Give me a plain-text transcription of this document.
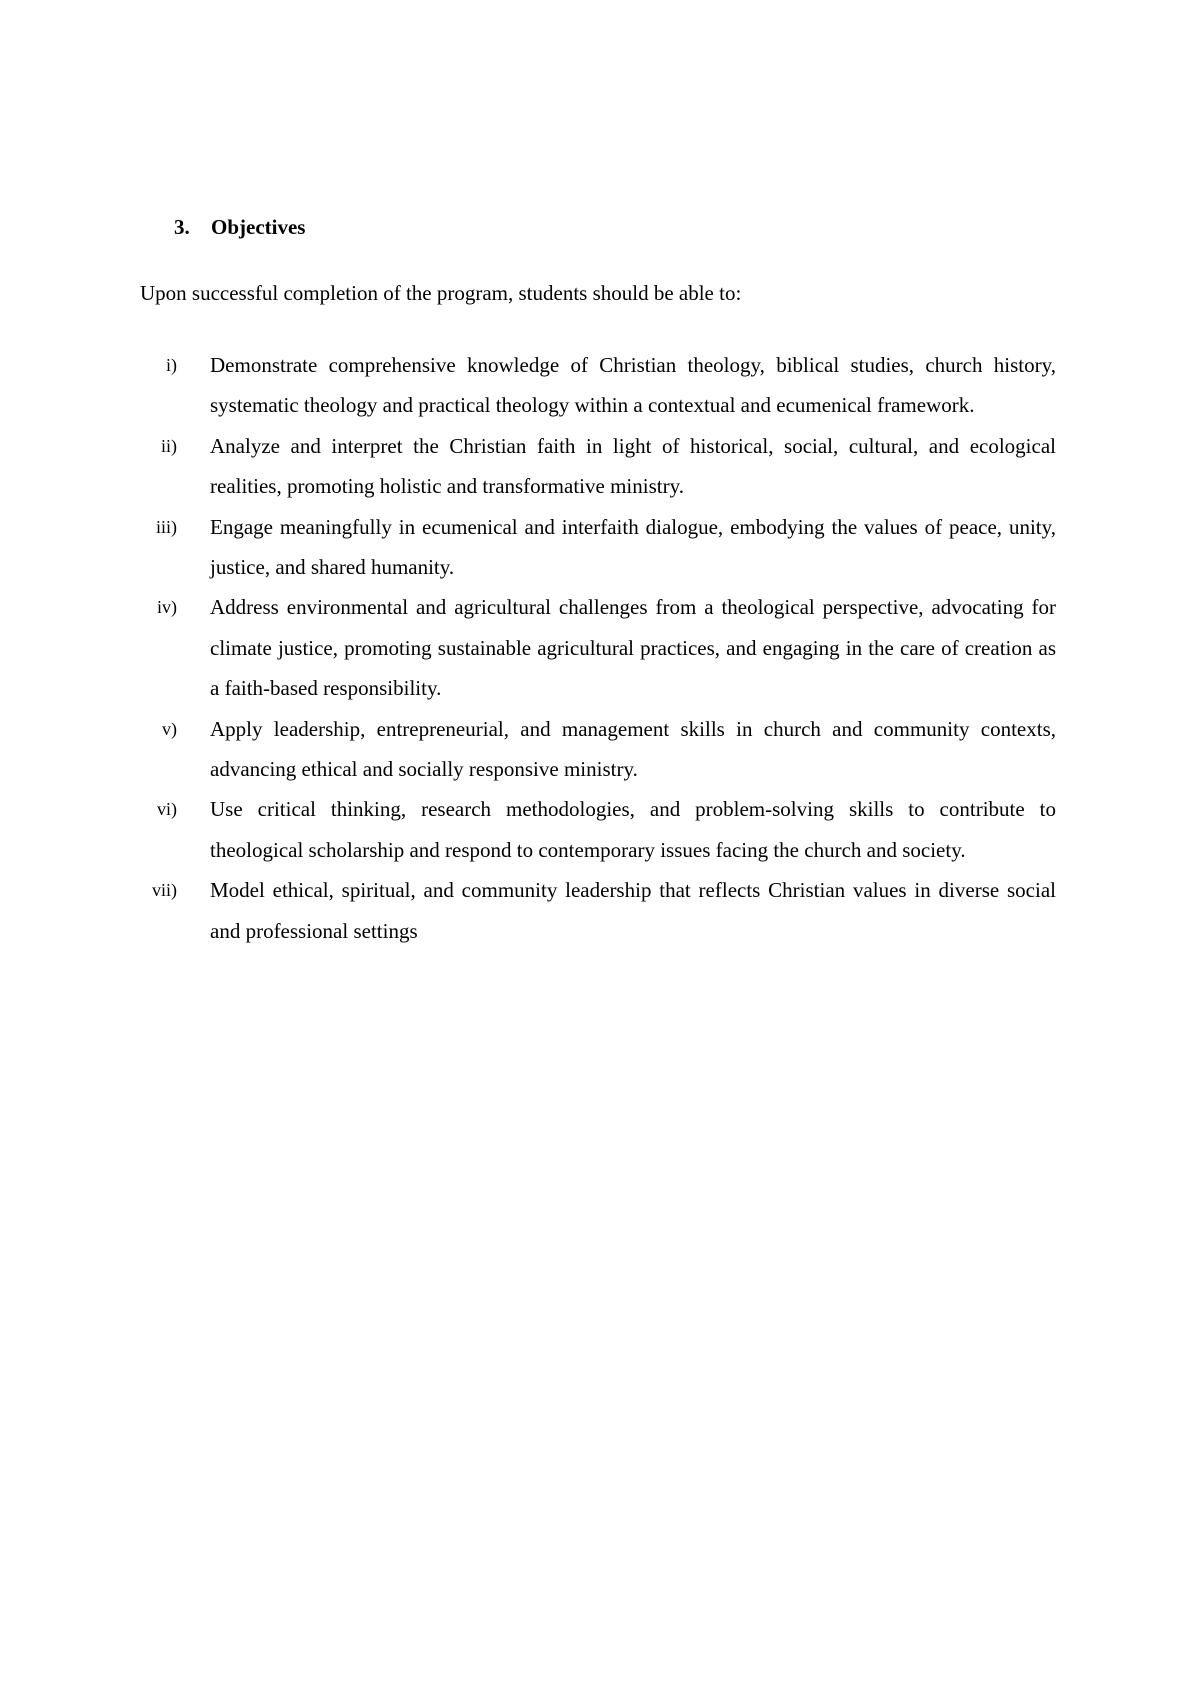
3. Objectives
Upon successful completion of the program, students should be able to:
i) Demonstrate comprehensive knowledge of Christian theology, biblical studies, church history, systematic theology and practical theology within a contextual and ecumenical framework.
ii) Analyze and interpret the Christian faith in light of historical, social, cultural, and ecological realities, promoting holistic and transformative ministry.
iii) Engage meaningfully in ecumenical and interfaith dialogue, embodying the values of peace, unity, justice, and shared humanity.
iv) Address environmental and agricultural challenges from a theological perspective, advocating for climate justice, promoting sustainable agricultural practices, and engaging in the care of creation as a faith-based responsibility.
v) Apply leadership, entrepreneurial, and management skills in church and community contexts, advancing ethical and socially responsive ministry.
vi) Use critical thinking, research methodologies, and problem-solving skills to contribute to theological scholarship and respond to contemporary issues facing the church and society.
vii) Model ethical, spiritual, and community leadership that reflects Christian values in diverse social and professional settings
